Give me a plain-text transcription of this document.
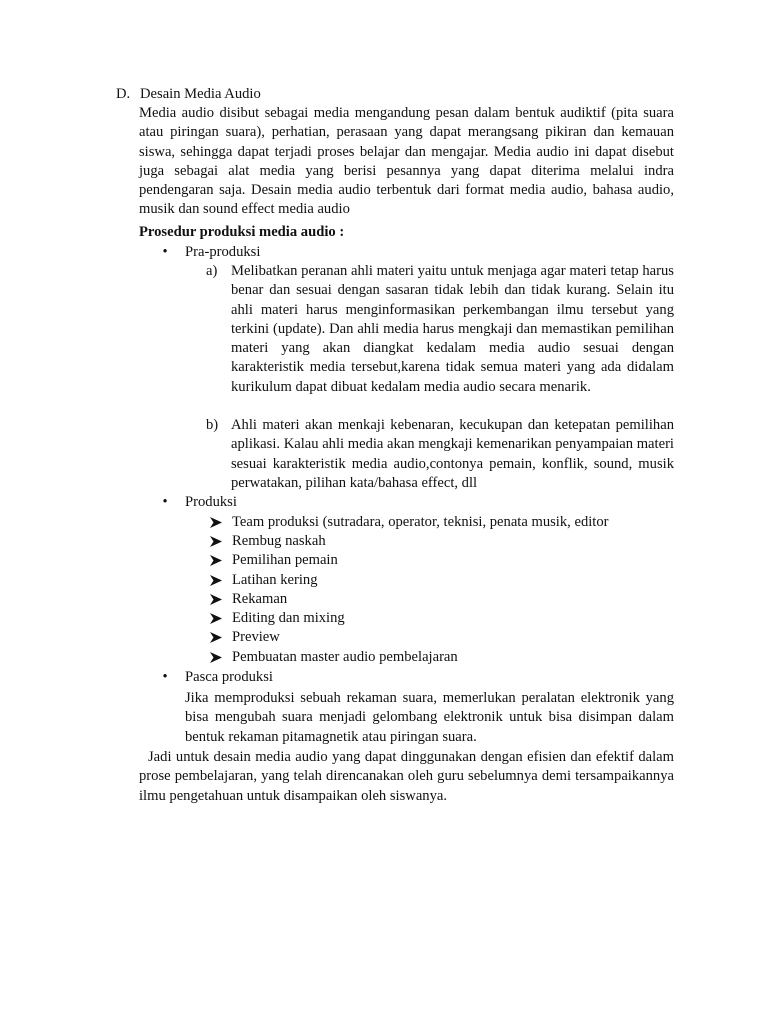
D. Desain Media Audio

Media audio disibut sebagai media mengandung pesan dalam bentuk audiktif (pita suara atau piringan suara), perhatian, perasaan yang dapat merangsang pikiran dan kemauan siswa, sehingga dapat terjadi proses belajar dan mengajar. Media audio ini dapat disebut juga sebagai alat media yang berisi pesannya yang dapat diterima melalui indra pendengaran saja. Desain media audio terbentuk dari format media audio, bahasa audio, musik dan sound effect media audio

Prosedur produksi media audio :
•	Pra-produksi
a) Melibatkan peranan ahli materi yaitu untuk menjaga agar materi tetap harus benar dan sesuai dengan sasaran tidak lebih dan tidak kurang. Selain itu ahli materi harus menginformasikan perkembangan ilmu tersebut yang terkini (update). Dan ahli media harus mengkaji dan memastikan pemilihan materi yang akan diangkat kedalam media audio sesuai dengan karakteristik media tersebut,karena tidak semua materi yang ada didalam kurikulum dapat dibuat kedalam media audio secara menarik.

b) Ahli materi akan menkaji kebenaran, kecukupan dan ketepatan pemilihan aplikasi. Kalau ahli media akan mengkaji kemenarikan penyampaian materi sesuai karakteristik media audio,contonya pemain, konflik, sound, musik perwatakan, pilihan kata/bahasa effect, dll

•	Produksi
Team produksi (sutradara, operator, teknisi, penata musik, editor
Rembug naskah
Pemilihan pemain
Latihan kering
Rekaman
Editing dan mixing
Preview
Pembuatan master audio pembelajaran
•	Pasca produksi

Jika memproduksi sebuah rekaman suara, memerlukan peralatan elektronik yang bisa mengubah suara menjadi gelombang elektronik untuk bisa disimpan dalam bentuk rekaman pitamagnetik atau piringan suara.

Jadi untuk desain media audio yang dapat dinggunakan dengan efisien dan efektif dalam prose pembelajaran, yang telah direncanakan oleh guru sebelumnya demi tersampaikannya ilmu pengetahuan untuk disampaikan oleh siswanya.
